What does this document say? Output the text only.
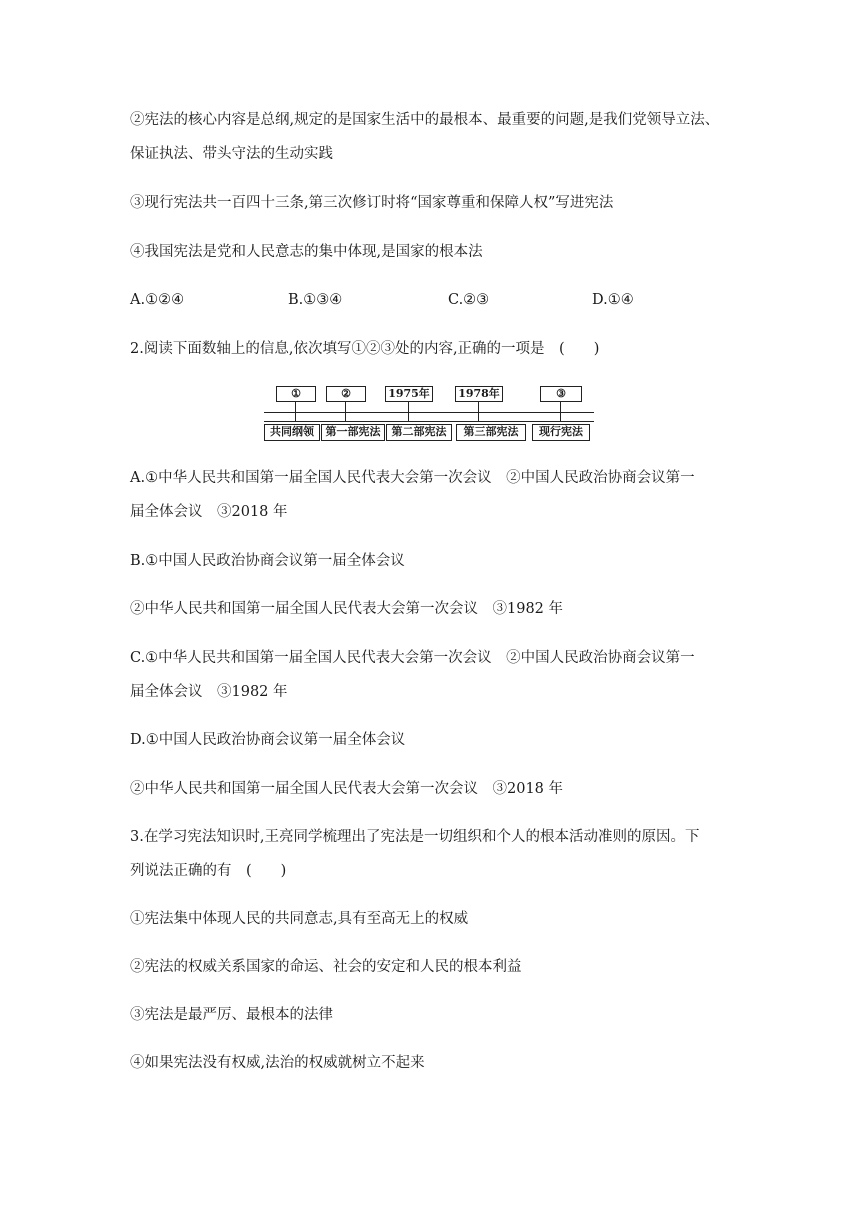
②宪法的核心内容是总纲,规定的是国家生活中的最根本、最重要的问题,是我们党领导立法、
保证执法、带头守法的生动实践
③现行宪法共一百四十三条,第三次修订时将“国家尊重和保障人权”写进宪法
④我国宪法是党和人民意志的集中体现,是国家的根本法
A.①②④	B.①③④	C.②③	D.①④
2.阅读下面数轴上的信息,依次填写①②③处的内容,正确的一项是　(　　)
①	②	1975年	1978年	③
共同纲领	第一部宪法	第二部宪法	第三部宪法	现行宪法
A.①中华人民共和国第一届全国人民代表大会第一次会议　②中国人民政治协商会议第一
届全体会议　③2018 年
B.①中国人民政治协商会议第一届全体会议
②中华人民共和国第一届全国人民代表大会第一次会议　③1982 年
C.①中华人民共和国第一届全国人民代表大会第一次会议　②中国人民政治协商会议第一
届全体会议　③1982 年
D.①中国人民政治协商会议第一届全体会议
②中华人民共和国第一届全国人民代表大会第一次会议　③2018 年
3.在学习宪法知识时,王亮同学梳理出了宪法是一切组织和个人的根本活动准则的原因。下
列说法正确的有　(　　)
①宪法集中体现人民的共同意志,具有至高无上的权威
②宪法的权威关系国家的命运、社会的安定和人民的根本利益
③宪法是最严厉、最根本的法律
④如果宪法没有权威,法治的权威就树立不起来
